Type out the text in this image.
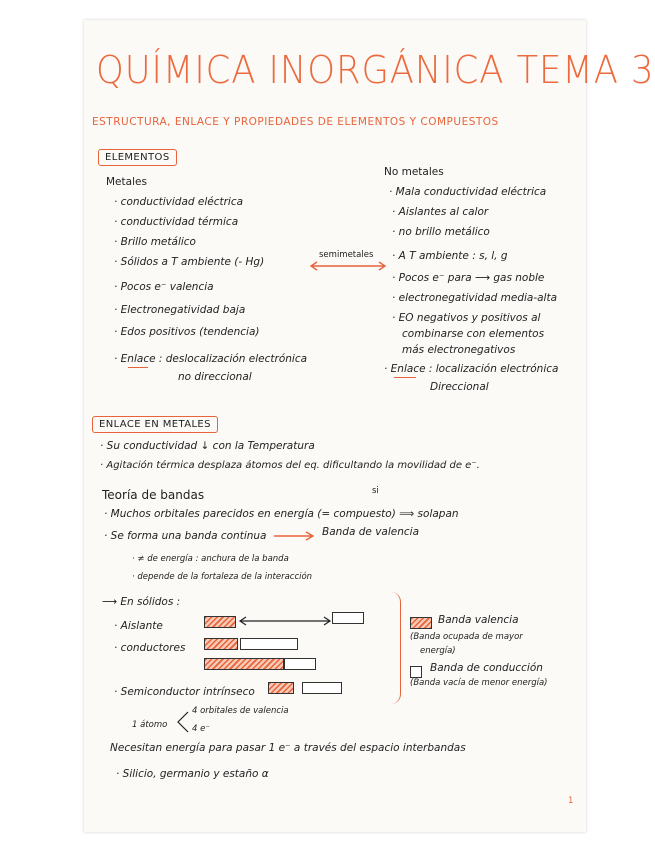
QUÍMICA INORGÁNICA TEMA 3
ESTRUCTURA, ENLACE Y PROPIEDADES DE ELEMENTOS Y COMPUESTOS
ELEMENTOS
Metales
· conductividad eléctrica
· conductividad térmica
· Brillo metálico
· Sólidos a T ambiente (- Hg)
· Pocos e⁻ valencia
· Electronegatividad baja
· Edos positivos (tendencia)
· Enlace : deslocalización electrónica
no direccional
semimetales
No metales
· Mala conductividad eléctrica
· Aislantes al calor
· no brillo metálico
· A T ambiente : s, l, g
· Pocos e⁻ para ⟶ gas noble
· electronegatividad media-alta
· EO negativos y positivos al
combinarse con elementos
más electronegativos
· Enlace : localización electrónica
Direccional
ENLACE EN METALES
· Su conductividad ↓ con la Temperatura
· Agitación térmica desplaza átomos del eq. dificultando la movilidad de e⁻.
Teoría de bandas	si
· Muchos orbitales parecidos en energía (= compuesto) ⟹ solapan
· Se forma una banda continua	Banda de valencia
· ≠ de energía : anchura de la banda
· depende de la fortaleza de la interacción
⟶ En sólidos :
· Aislante
· conductores
· Semiconductor intrínseco
Banda valencia
(Banda ocupada de mayor
energía)
Banda de conducción
(Banda vacía de menor energía)
1 átomo
4 orbitales de valencia
4 e⁻
Necesitan energía para pasar 1 e⁻ a través del espacio interbandas
· Silicio, germanio y estaño α
1
